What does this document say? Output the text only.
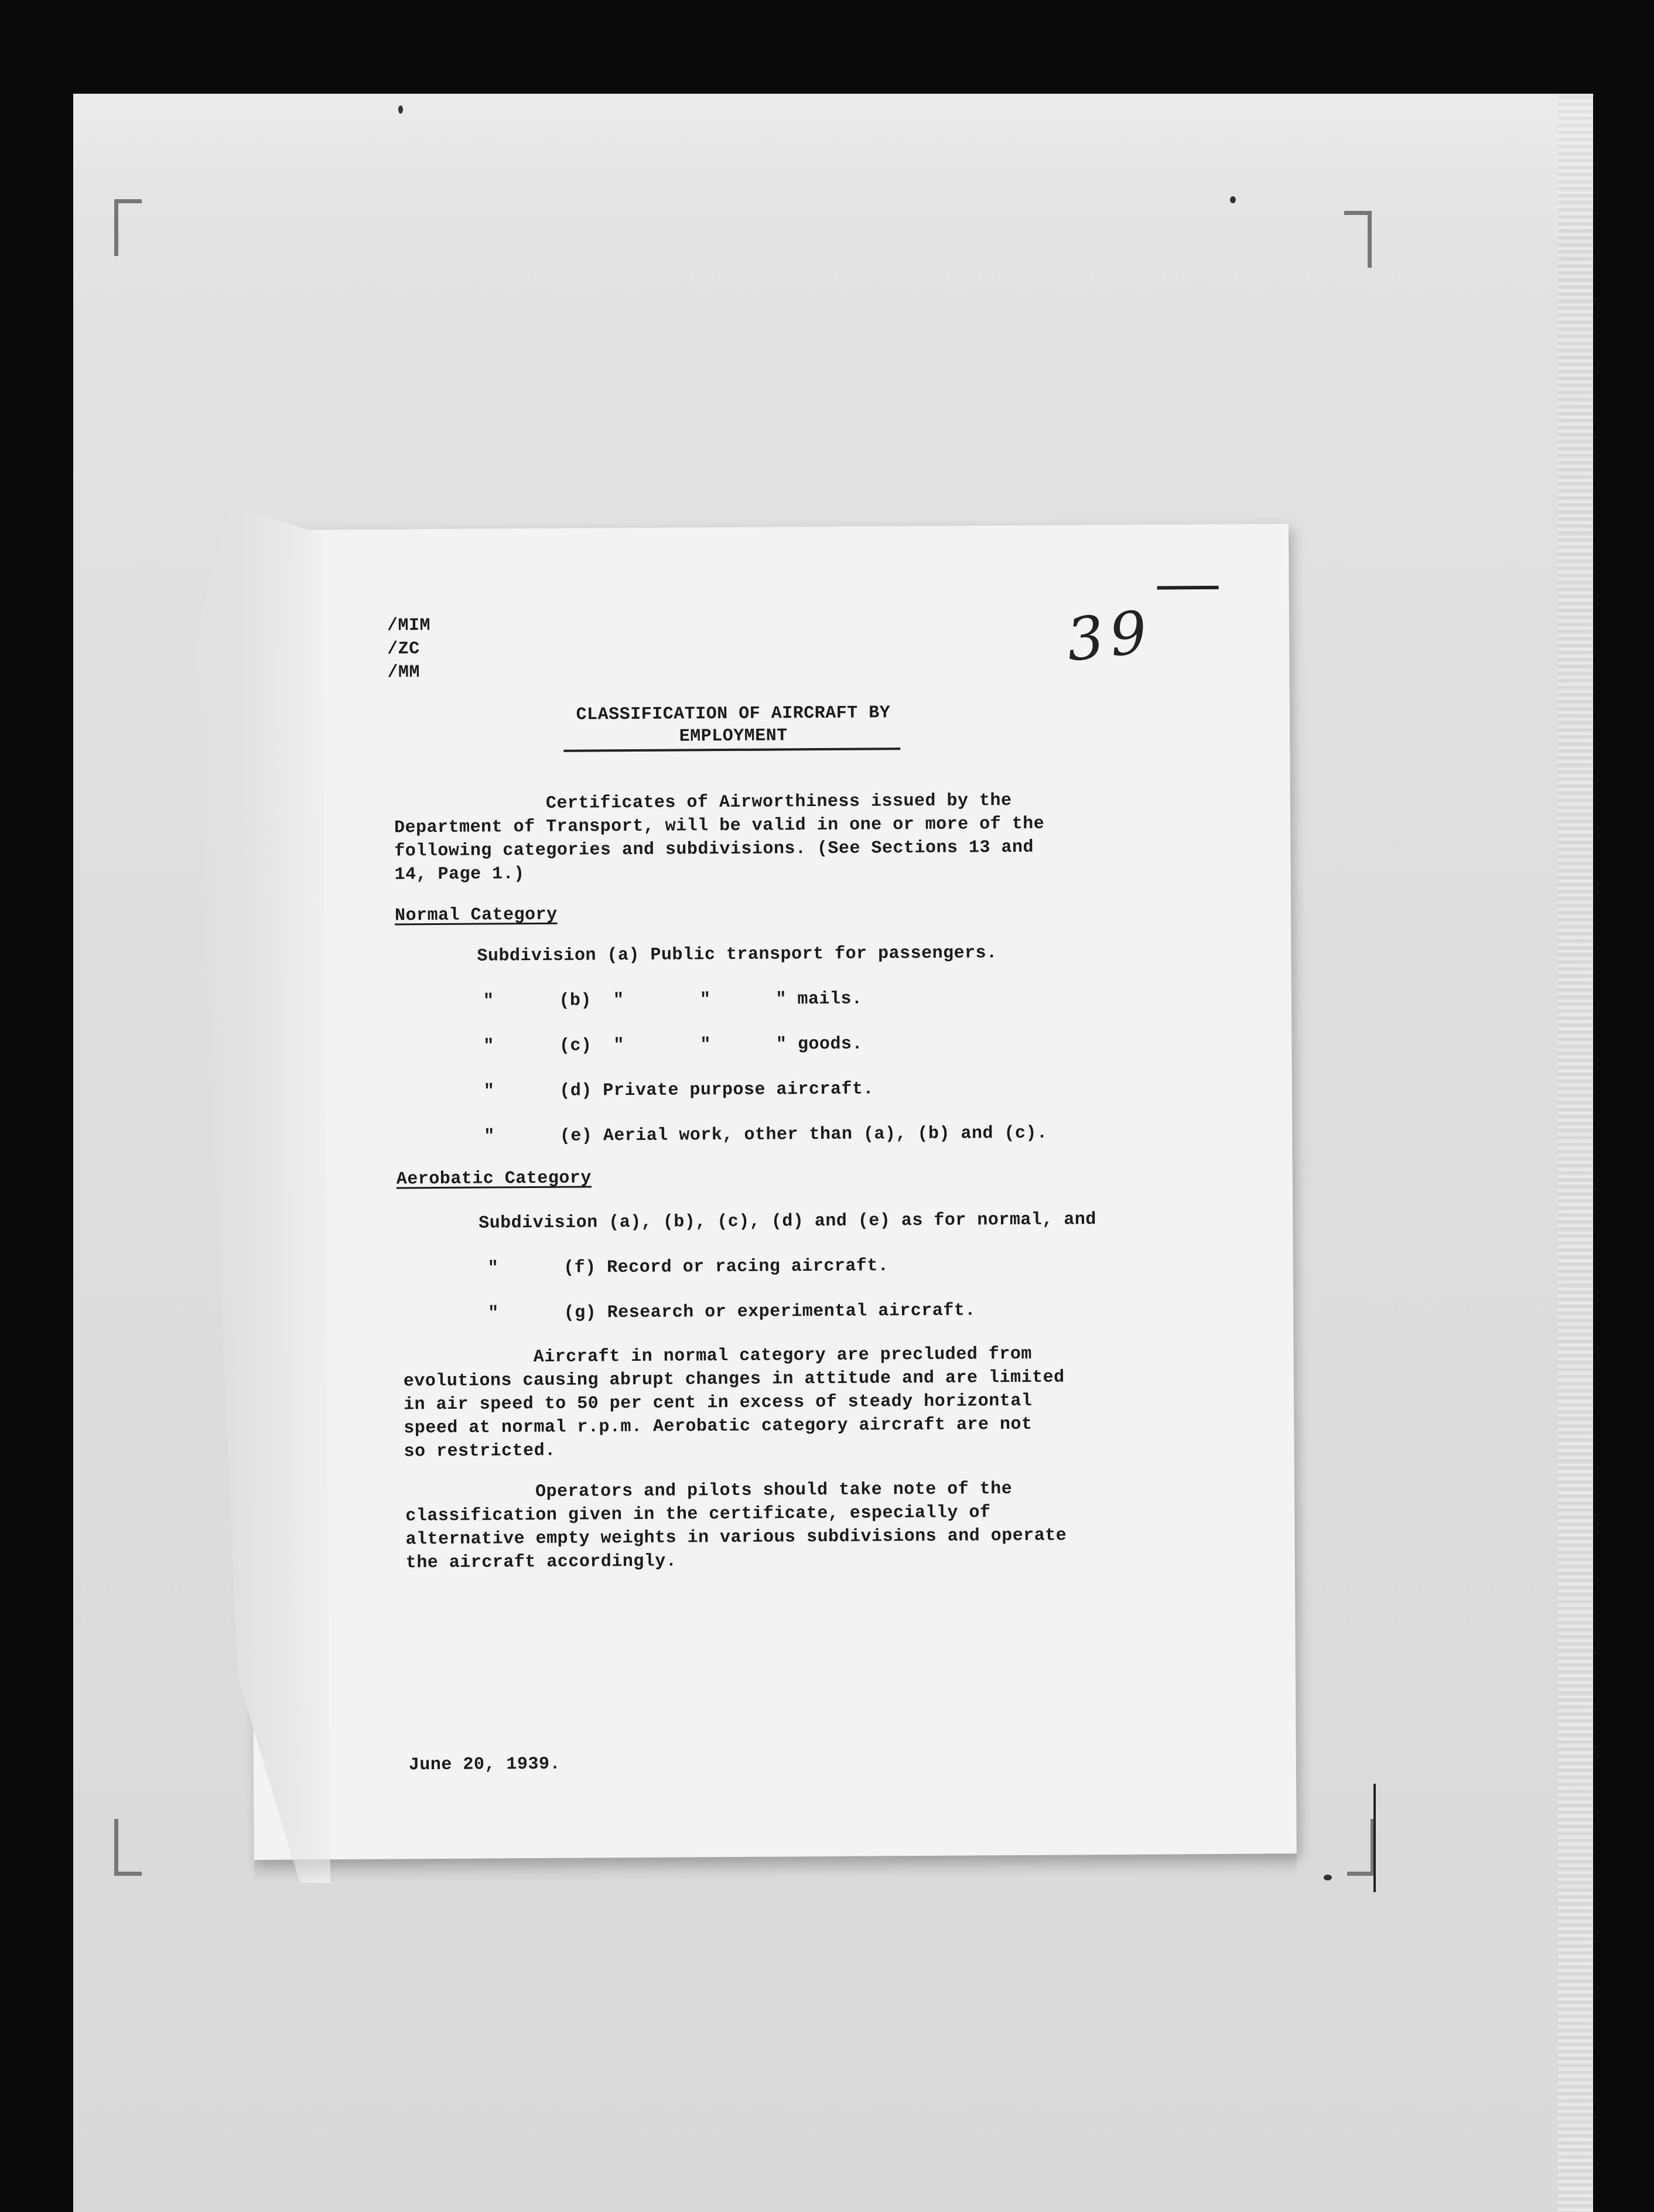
/MIM
/ZC
/MM	39
CLASSIFICATION OF AIRCRAFT BY
EMPLOYMENT
Certificates of Airworthiness issued by the
Department of Transport, will be valid in one or more of the
following categories and subdivisions. (See Sections 13 and
14, Page 1.)
Normal Category
Subdivision (a) Public transport for passengers.
"      (b)  "       "      " mails.
"      (c)  "       "      " goods.
"      (d) Private purpose aircraft.
"      (e) Aerial work, other than (a), (b) and (c).
Aerobatic Category
Subdivision (a), (b), (c), (d) and (e) as for normal, and
"      (f) Record or racing aircraft.
"      (g) Research or experimental aircraft.
Aircraft in normal category are precluded from
evolutions causing abrupt changes in attitude and are limited
in air speed to 50 per cent in excess of steady horizontal
speed at normal r.p.m. Aerobatic category aircraft are not
so restricted.
Operators and pilots should take note of the
classification given in the certificate, especially of
alternative empty weights in various subdivisions and operate
the aircraft accordingly.
June 20, 1939.
